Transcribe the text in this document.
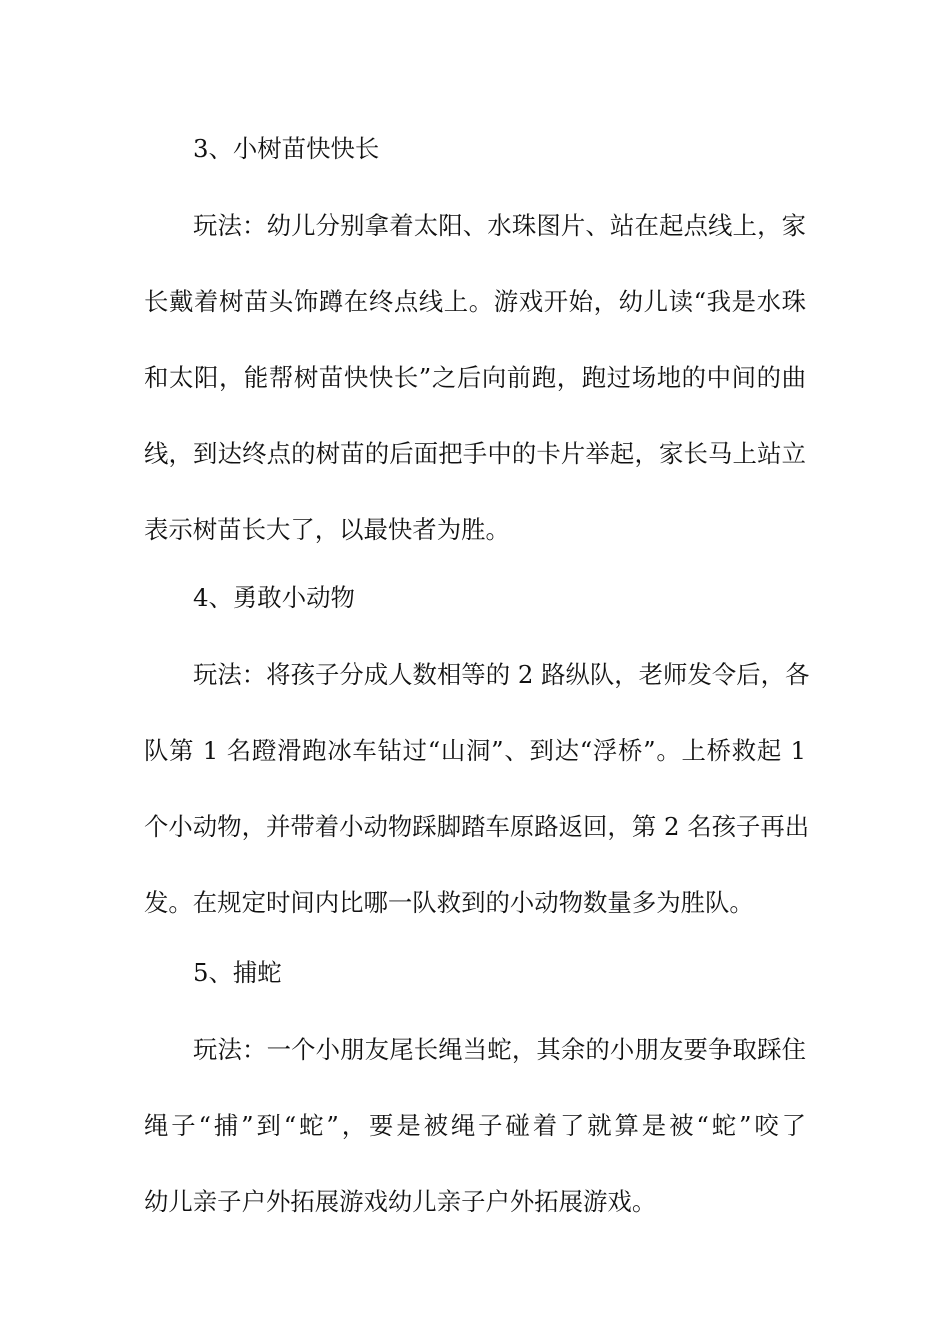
3、小树苗快快长
玩法：幼儿分别拿着太阳、水珠图片、站在起点线上，家
长戴着树苗头饰蹲在终点线上。游戏开始，幼儿读“我是水珠
和太阳，能帮树苗快快长”之后向前跑，跑过场地的中间的曲
线，到达终点的树苗的后面把手中的卡片举起，家长马上站立
表示树苗长大了，以最快者为胜。
4、勇敢小动物
玩法：将孩子分成人数相等的 2 路纵队，老师发令后，各
队第 1 名蹬滑跑冰车钻过“山洞”、到达“浮桥”。上桥救起 1
个小动物，并带着小动物踩脚踏车原路返回，第 2 名孩子再出
发。在规定时间内比哪一队救到的小动物数量多为胜队。
5、捕蛇
玩法：一个小朋友尾长绳当蛇，其余的小朋友要争取踩住
绳子“捕”到“蛇”，要是被绳子碰着了就算是被“蛇”咬了
幼儿亲子户外拓展游戏幼儿亲子户外拓展游戏。
